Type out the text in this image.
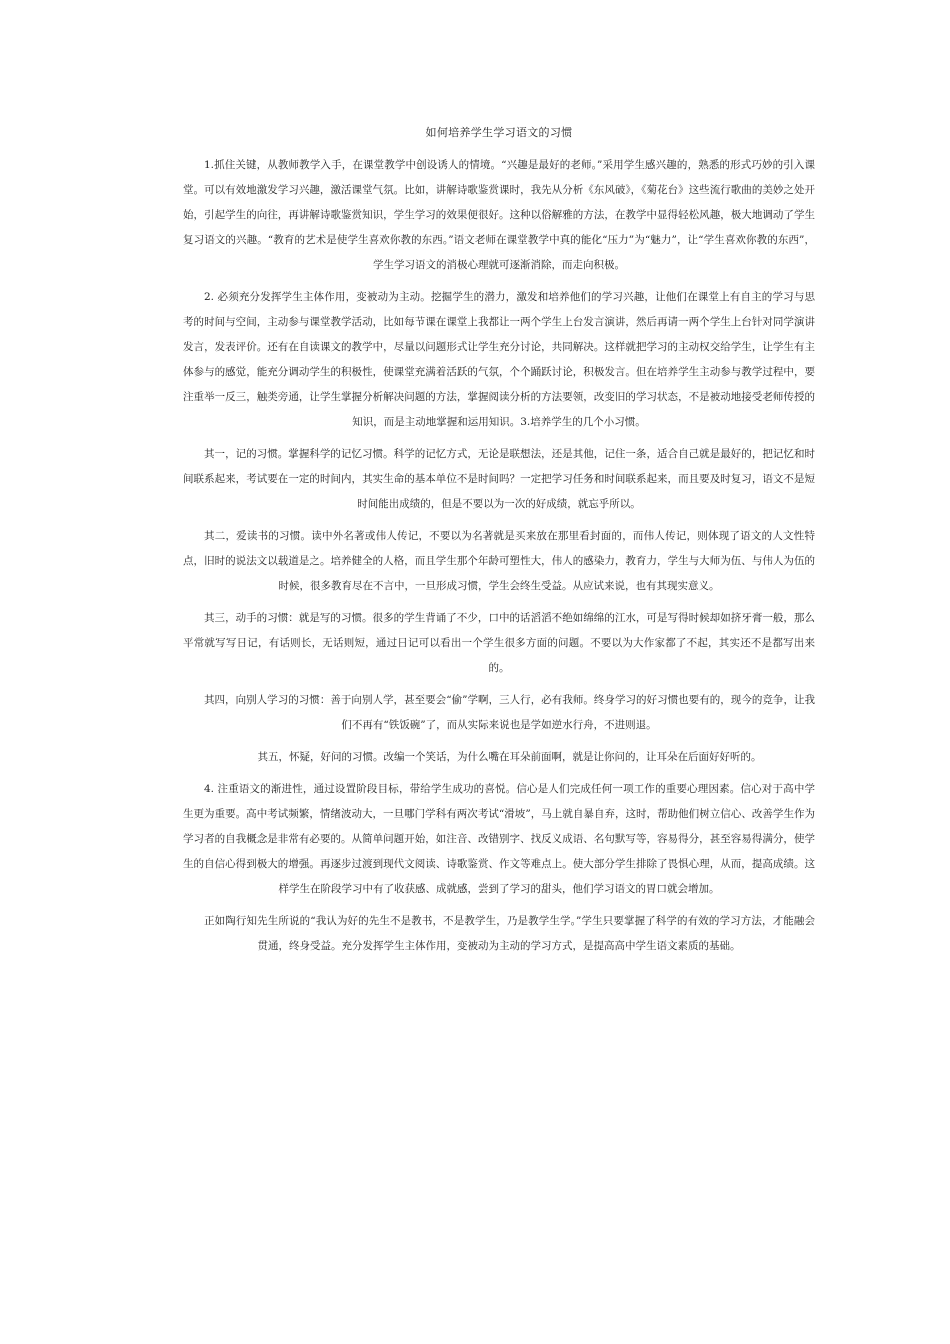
如何培养学生学习语文的习惯

1.抓住关键，从教师教学入手，在课堂教学中创设诱人的情境。“兴趣是最好的老师。”采用学生感兴趣的，熟悉的形式巧妙的引入课堂。可以有效地激发学习兴趣，激活课堂气氛。比如，讲解诗歌鉴赏课时，我先从分析《东风破》，《菊花台》这些流行歌曲的美妙之处开始，引起学生的向往，再讲解诗歌鉴赏知识，学生学习的效果便很好。这种以俗解雅的方法，在教学中显得轻松风趣，极大地调动了学生复习语文的兴趣。“教育的艺术是使学生喜欢你教的东西。”语文老师在课堂教学中真的能化“压力”为“魅力”，让“学生喜欢你教的东西”，学生学习语文的消极心理就可逐渐消除，而走向积极。

2. 必须充分发挥学生主体作用，变被动为主动。挖掘学生的潜力，激发和培养他们的学习兴趣，让他们在课堂上有自主的学习与思考的时间与空间，主动参与课堂教学活动，比如每节课在课堂上我都让一两个学生上台发言演讲，然后再请一两个学生上台针对同学演讲发言，发表评价。还有在自读课文的教学中，尽量以问题形式让学生充分讨论，共同解决。这样就把学习的主动权交给学生，让学生有主体参与的感觉，能充分调动学生的积极性，使课堂充满着活跃的气氛，个个踊跃讨论，积极发言。但在培养学生主动参与教学过程中，要注重举一反三，触类旁通，让学生掌握分析解决问题的方法，掌握阅读分析的方法要领，改变旧的学习状态，不是被动地接受老师传授的知识，而是主动地掌握和运用知识。3.培养学生的几个小习惯。

其一，记的习惯。掌握科学的记忆习惯。科学的记忆方式，无论是联想法，还是其他，记住一条，适合自己就是最好的，把记忆和时间联系起来，考试要在一定的时间内，其实生命的基本单位不是时间吗？一定把学习任务和时间联系起来，而且要及时复习，语文不是短时间能出成绩的，但是不要以为一次的好成绩，就忘乎所以。

其二，爱读书的习惯。读中外名著或伟人传记，不要以为名著就是买来放在那里看封面的，而伟人传记，则体现了语文的人文性特点，旧时的说法文以载道是之。培养健全的人格，而且学生那个年龄可塑性大，伟人的感染力，教育力，学生与大师为伍、与伟人为伍的时候，很多教育尽在不言中，一旦形成习惯，学生会终生受益。从应试来说，也有其现实意义。

其三，动手的习惯：就是写的习惯。很多的学生背诵了不少，口中的话滔滔不绝如绵绵的江水，可是写得时候却如挤牙膏一般，那么平常就写写日记，有话则长，无话则短，通过日记可以看出一个学生很多方面的问题。不要以为大作家都了不起，其实还不是都写出来的。

其四，向别人学习的习惯：善于向别人学，甚至要会“偷”学啊，三人行，必有我师。终身学习的好习惯也要有的，现今的竞争，让我们不再有“铁饭碗”了，而从实际来说也是学如逆水行舟，不进则退。

其五，怀疑，好问的习惯。改编一个笑话，为什么嘴在耳朵前面啊，就是让你问的，让耳朵在后面好好听的。

4. 注重语文的渐进性，通过设置阶段目标，带给学生成功的喜悦。信心是人们完成任何一项工作的重要心理因素。信心对于高中学生更为重要。高中考试频繁，情绪波动大，一旦哪门学科有两次考试“滑坡”，马上就自暴自弃，这时，帮助他们树立信心、改善学生作为学习者的自我概念是非常有必要的。从简单问题开始，如注音、改错别字、找反义成语、名句默写等，容易得分，甚至容易得满分，使学生的自信心得到极大的增强。再逐步过渡到现代文阅读、诗歌鉴赏、作文等难点上。使大部分学生排除了畏惧心理，从而，提高成绩。这样学生在阶段学习中有了收获感、成就感，尝到了学习的甜头，他们学习语文的胃口就会增加。

正如陶行知先生所说的“我认为好的先生不是教书，不是教学生，乃是教学生学。”学生只要掌握了科学的有效的学习方法，才能融会贯通，终身受益。充分发挥学生主体作用，变被动为主动的学习方式，是提高高中学生语文素质的基础。
